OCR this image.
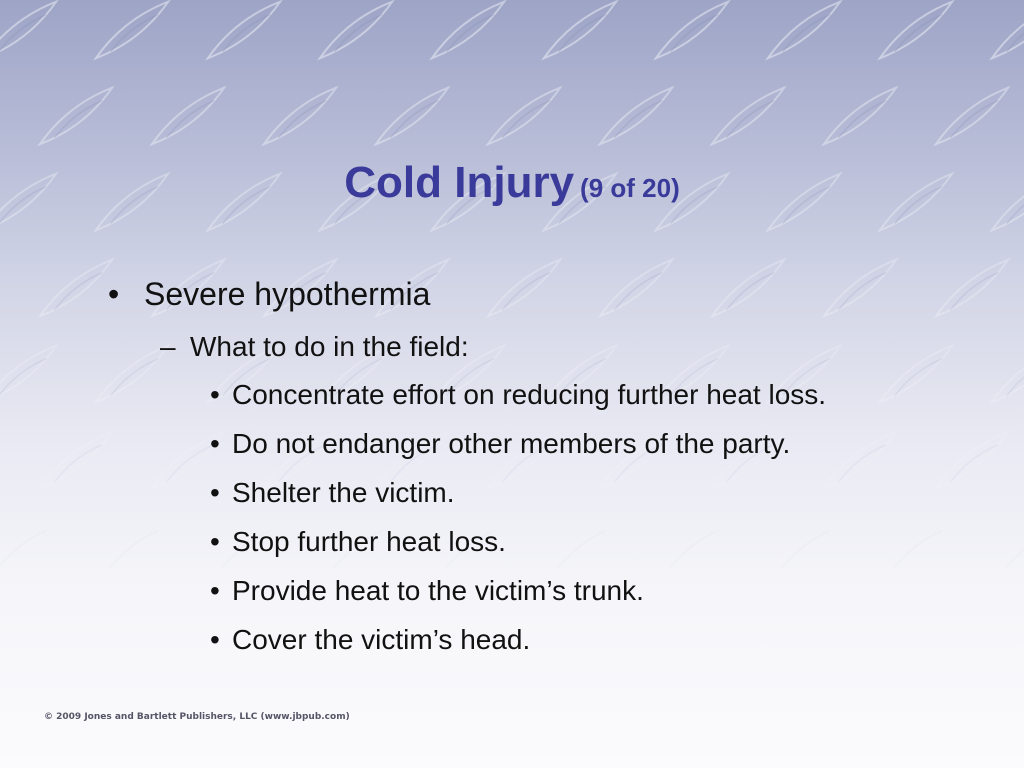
Cold Injury (9 of 20)
• Severe hypothermia
– What to do in the field:
• Concentrate effort on reducing further heat loss.
• Do not endanger other members of the party.
• Shelter the victim.
• Stop further heat loss.
• Provide heat to the victim’s trunk.
• Cover the victim’s head.
© 2009 Jones and Bartlett Publishers, LLC (www.jbpub.com)
